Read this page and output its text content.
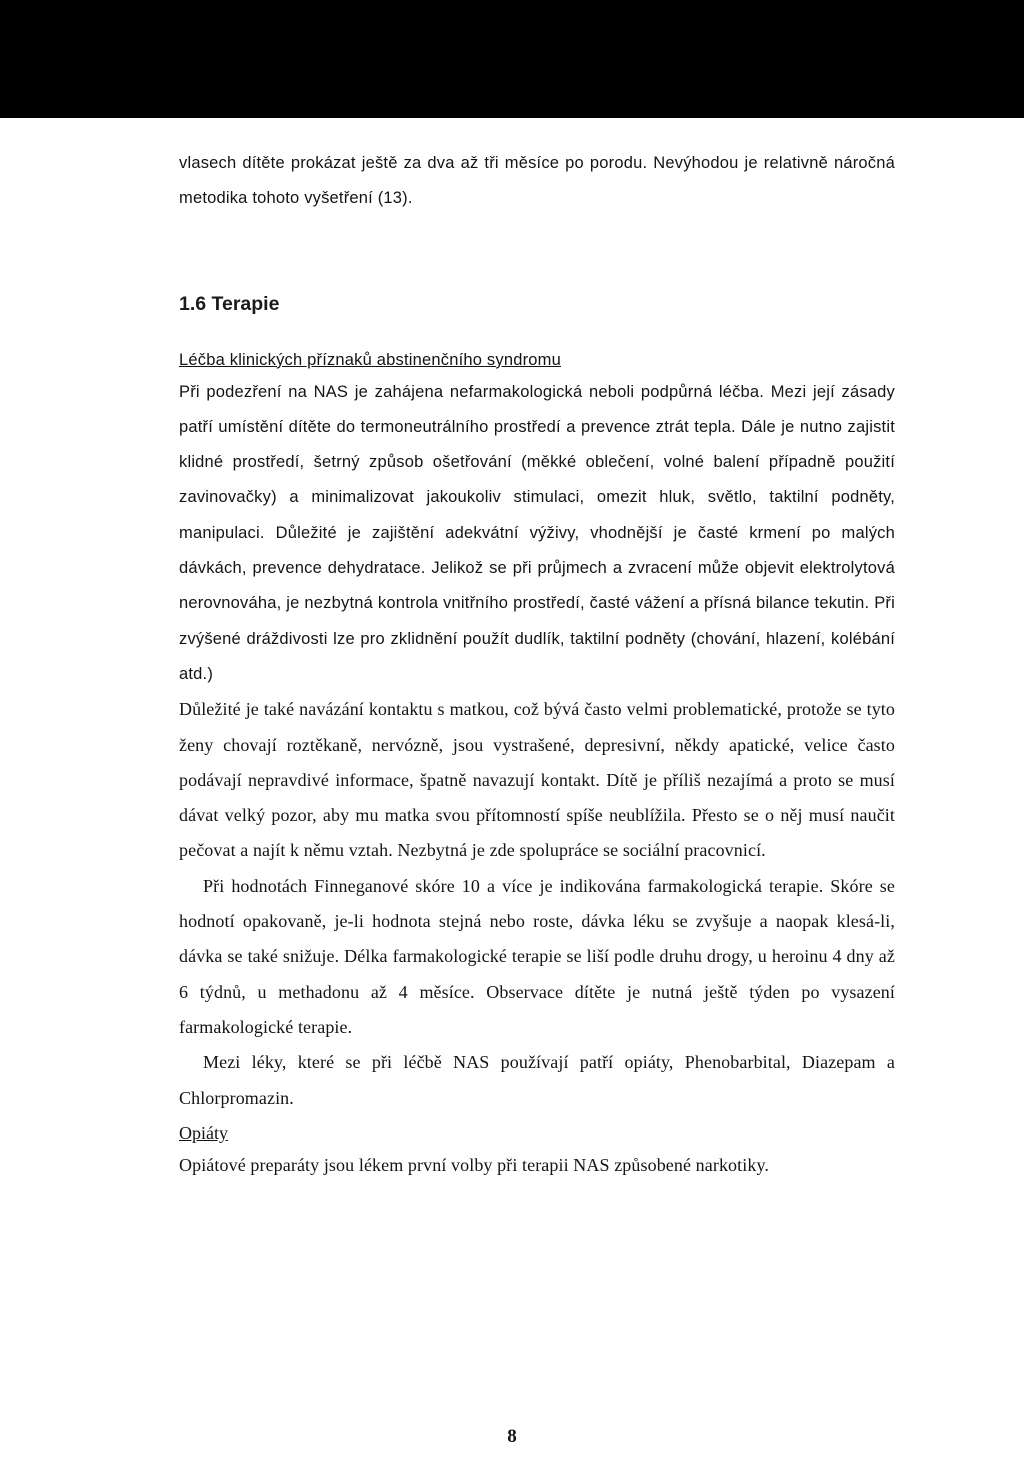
vlasech dítěte prokázat ještě za dva až tři měsíce po porodu. Nevýhodou je relativně náročná metodika tohoto vyšetření (13).

1.6 Terapie

Léčba klinických příznaků abstinenčního syndromu

Při podezření na NAS je zahájena nefarmakologická neboli podpůrná léčba. Mezi její zásady patří umístění dítěte do termoneutrálního prostředí a prevence ztrát tepla. Dále je nutno zajistit klidné prostředí, šetrný způsob ošetřování (měkké oblečení, volné balení případně použití zavinovačky) a minimalizovat jakoukoliv stimulaci, omezit hluk, světlo, taktilní podněty, manipulaci. Důležité je zajištění adekvátní výživy, vhodnější je časté krmení po malých dávkách, prevence dehydratace. Jelikož se při průjmech a zvracení může objevit elektrolytová nerovnováha, je nezbytná kontrola vnitřního prostředí, časté vážení a přísná bilance tekutin. Při zvýšené dráždivosti lze pro zklidnění použít dudlík, taktilní podněty (chování, hlazení, kolébání atd.)

Důležité je také navázání kontaktu s matkou, což bývá často velmi problematické, protože se tyto ženy chovají roztěkaně, nervózně, jsou vystrašené, depresivní, někdy apatické, velice často podávají nepravdivé informace, špatně navazují kontakt. Dítě je příliš nezajímá a proto se musí dávat velký pozor, aby mu matka svou přítomností spíše neublížila. Přesto se o něj musí naučit pečovat a najít k němu vztah. Nezbytná je zde spolupráce se sociální pracovnicí.

Při hodnotách Finneganové skóre 10 a více je indikována farmakologická terapie. Skóre se hodnotí opakovaně, je-li hodnota stejná nebo roste, dávka léku se zvyšuje a naopak klesá-li, dávka se také snižuje. Délka farmakologické terapie se liší podle druhu drogy, u heroinu 4 dny až 6 týdnů, u methadonu až 4 měsíce. Observace dítěte je nutná ještě týden po vysazení farmakologické terapie.

Mezi léky, které se při léčbě NAS používají patří opiáty, Phenobarbital, Diazepam a Chlorpromazin.

Opiáty

Opiátové preparáty jsou lékem první volby při terapii NAS způsobené narkotiky.

8
